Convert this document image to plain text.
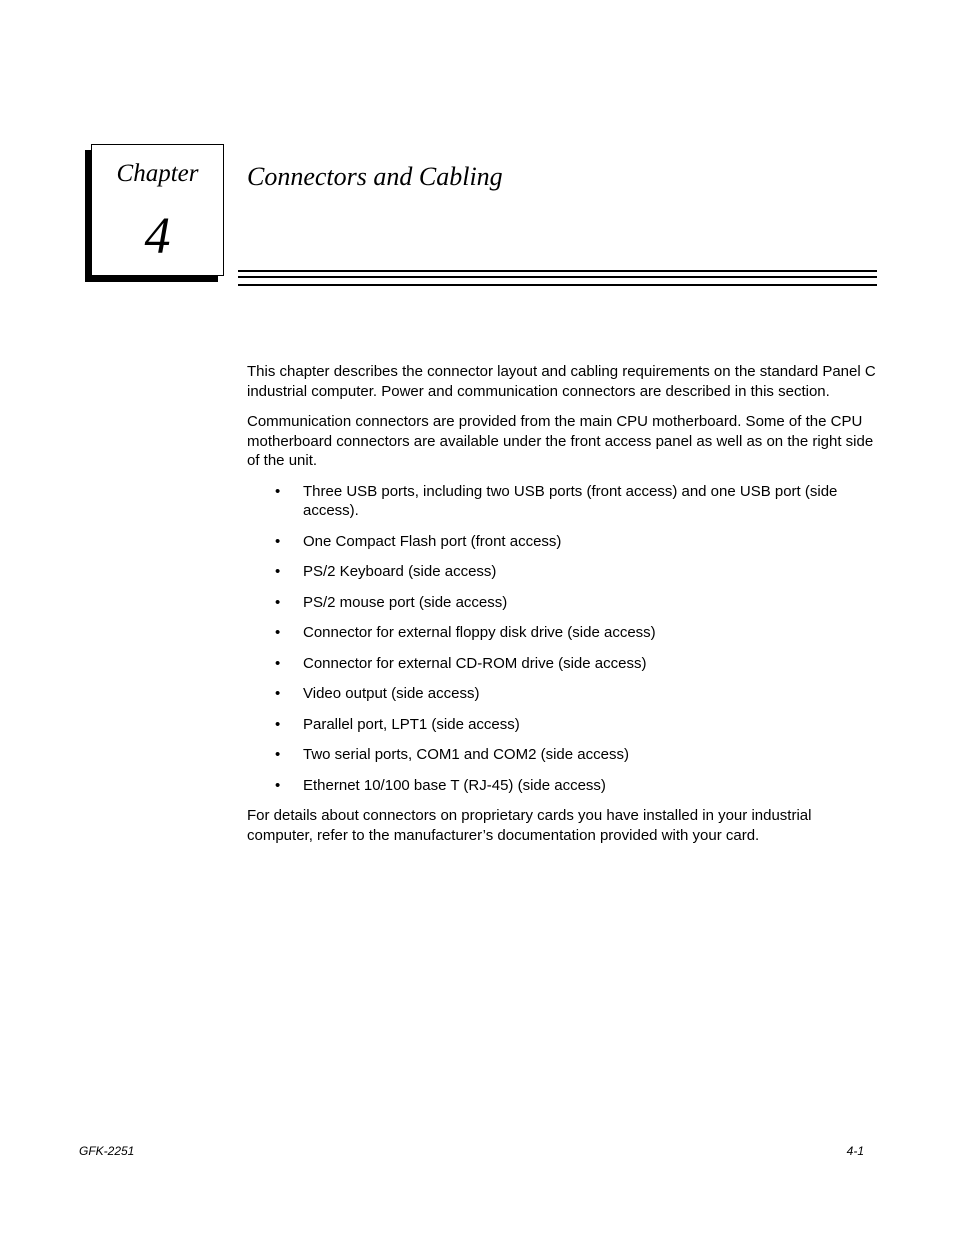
Chapter
4
Connectors and Cabling

This chapter describes the connector layout and cabling requirements on the standard Panel C industrial computer. Power and communication connectors are described in this section.

Communication connectors are provided from the main CPU motherboard. Some of the CPU motherboard connectors are available under the front access panel as well as on the right side of the unit.

• Three USB ports, including two USB ports (front access) and one USB port (side access).
• One Compact Flash port (front access)
• PS/2 Keyboard (side access)
• PS/2 mouse port (side access)
• Connector for external floppy disk drive (side access)
• Connector for external CD-ROM drive (side access)
• Video output (side access)
• Parallel port, LPT1 (side access)
• Two serial ports, COM1 and COM2 (side access)
• Ethernet 10/100 base T (RJ-45) (side access)

For details about connectors on proprietary cards you have installed in your industrial computer, refer to the manufacturer’s documentation provided with your card.

GFK-2251	4-1
